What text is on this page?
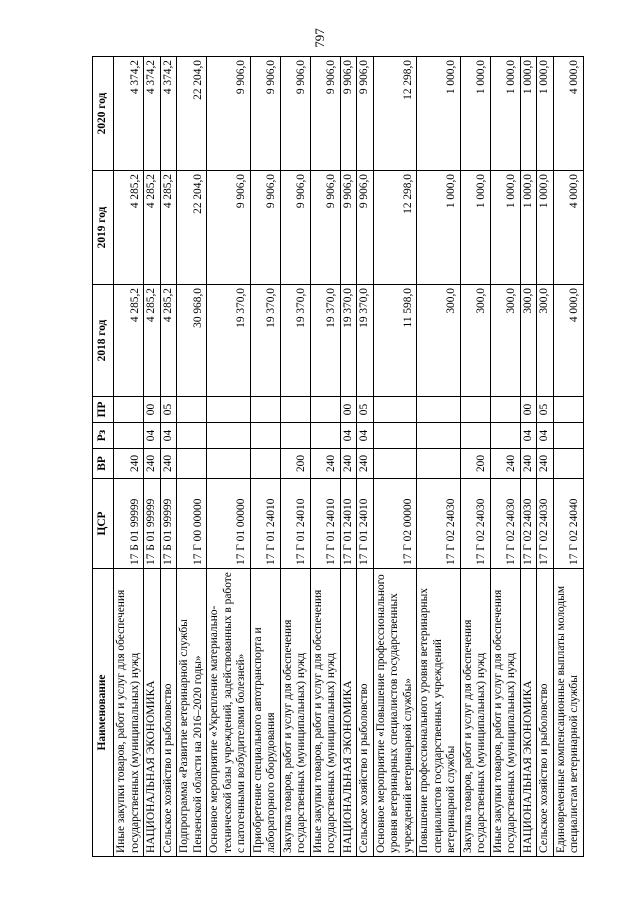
797
Наименование	ЦСР	ВР	Рз	ПР	2018 год	2019 год	2020 год
Иные закупки товаров, работ и услуг для обеспечения государственных (муниципальных) нужд	17 Б 01 99999	240			4 285,2	4 285,2	4 374,2
НАЦИОНАЛЬНАЯ ЭКОНОМИКА	17 Б 01 99999	240	04	00	4 285,2	4 285,2	4 374,2
Сельское хозяйство и рыболовство	17 Б 01 99999	240	04	05	4 285,2	4 285,2	4 374,2
Подпрограмма «Развитие ветеринарной службы Пензенской области на 2016–2020 годы»	17 Г 00 00000				30 968,0	22 204,0	22 204,0
Основное мероприятие «Укрепление материально-технической базы учреждений, задействованных в работе с патогенными возбудителями болезней»	17 Г 01 00000				19 370,0	9 906,0	9 906,0
Приобретение специального автотранспорта и лабораторного оборудования	17 Г 01 24010				19 370,0	9 906,0	9 906,0
Закупка товаров, работ и услуг для обеспечения государственных (муниципальных) нужд	17 Г 01 24010	200			19 370,0	9 906,0	9 906,0
Иные закупки товаров, работ и услуг для обеспечения государственных (муниципальных) нужд	17 Г 01 24010	240			19 370,0	9 906,0	9 906,0
НАЦИОНАЛЬНАЯ ЭКОНОМИКА	17 Г 01 24010	240	04	00	19 370,0	9 906,0	9 906,0
Сельское хозяйство и рыболовство	17 Г 01 24010	240	04	05	19 370,0	9 906,0	9 906,0
Основное мероприятие «Повышение профессионального уровня ветеринарных специалистов государственных учреждений ветеринарной службы»	17 Г 02 00000				11 598,0	12 298,0	12 298,0
Повышение профессионального уровня ветеринарных специалистов государственных учреждений ветеринарной службы	17 Г 02 24030				300,0	1 000,0	1 000,0
Закупка товаров, работ и услуг для обеспечения государственных (муниципальных) нужд	17 Г 02 24030	200			300,0	1 000,0	1 000,0
Иные закупки товаров, работ и услуг для обеспечения государственных (муниципальных) нужд	17 Г 02 24030	240			300,0	1 000,0	1 000,0
НАЦИОНАЛЬНАЯ ЭКОНОМИКА	17 Г 02 24030	240	04	00	300,0	1 000,0	1 000,0
Сельское хозяйство и рыболовство	17 Г 02 24030	240	04	05	300,0	1 000,0	1 000,0
Единовременные компенсационные выплаты молодым специалистам ветеринарной службы	17 Г 02 24040				4 000,0	4 000,0	4 000,0
